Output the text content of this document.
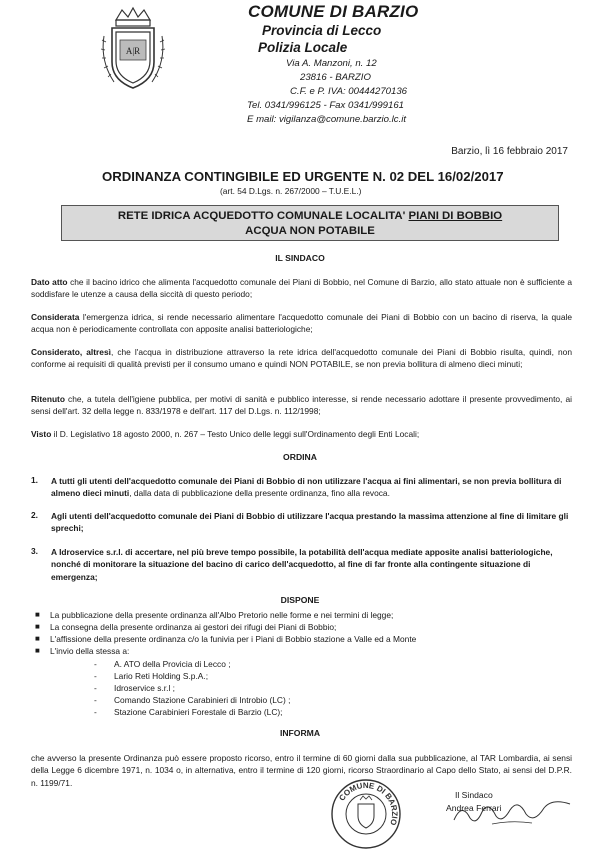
A|R
COMUNE DI BARZIO
Provincia di Lecco
Polizia Locale
Via A. Manzoni, n. 12
23816 - BARZIO
C.F. e P. IVA: 00444270136
Tel. 0341/996125 - Fax 0341/999161
E mail: vigilanza@comune.barzio.lc.it
Barzio, lì 16 febbraio 2017
ORDINANZA CONTINGIBILE ED URGENTE N. 02 DEL 16/02/2017
(art. 54 D.Lgs. n. 267/2000 – T.U.E.L.)
RETE IDRICA ACQUEDOTTO COMUNALE LOCALITA' PIANI DI BOBBIO
ACQUA NON POTABILE
IL SINDACO
Dato atto che il bacino idrico che alimenta l'acquedotto comunale dei Piani di Bobbio, nel Comune di Barzio, allo stato attuale non è sufficiente a soddisfare le utenze a causa della siccità di questo periodo;
Considerata l'emergenza idrica, si rende necessario alimentare l'acquedotto comunale dei Piani di Bobbio con un bacino di riserva, la quale acqua non è periodicamente controllata con apposite analisi batteriologiche;
Considerato, altresì, che l'acqua in distribuzione attraverso la rete idrica dell'acquedotto comunale dei Piani di Bobbio risulta, quindi, non conforme ai requisiti di qualità previsti per il consumo umano e quindi NON POTABILE, se non previa bollitura di almeno dieci minuti;
Ritenuto che, a tutela dell'igiene pubblica, per motivi di sanità e pubblico interesse, si rende necessario adottare il presente provvedimento, ai sensi dell'art. 32 della legge n. 833/1978 e dell'art. 117 del D.Lgs. n. 112/1998;
Visto il D. Legislativo 18 agosto 2000, n. 267 – Testo Unico delle leggi sull'Ordinamento degli Enti Locali;
ORDINA
1. A tutti gli utenti dell'acquedotto comunale dei Piani di Bobbio di non utilizzare l'acqua ai fini alimentari, se non previa bollitura di almeno dieci minuti, dalla data di pubblicazione della presente ordinanza, fino alla revoca.
2. Agli utenti dell'acquedotto comunale dei Piani di Bobbio di utilizzare l'acqua prestando la massima attenzione al fine di limitare gli sprechi;
3. A Idroservice s.r.l. di accertare, nel più breve tempo possibile, la potabilità dell'acqua mediate apposite analisi batteriologiche, nonché di monitorare la situazione del bacino di carico dell'acquedotto, al fine di far fronte alla contingente situazione di emergenza;
DISPONE
■ La pubblicazione della presente ordinanza all'Albo Pretorio nelle forme e nei termini di legge;
■ La consegna della presente ordinanza ai gestori dei rifugi dei Piani di Bobbio;
■ L'affissione della presente ordinanza c/o la funivia per i Piani di Bobbio stazione a Valle ed a Monte
■ L'invio della stessa a:
- A. ATO della Provicia di Lecco ;
- Lario Reti Holding S.p.A.;
- Idroservice s.r.l ;
- Comando Stazione Carabinieri di Introbio (LC) ;
- Stazione Carabinieri Forestale di Barzio (LC);
INFORMA
che avverso la presente Ordinanza può essere proposto ricorso, entro il termine di 60 giorni dalla sua pubblicazione, al TAR Lombardia, ai sensi della Legge 6 dicembre 1971, n. 1034 o, in alternativa, entro il termine di 120 giorni, ricorso Straordinario al Capo dello Stato, ai sensi del D.P.R. n. 1199/71.
COMUNE DI BARZIO
Il Sindaco
Andrea Ferrari
